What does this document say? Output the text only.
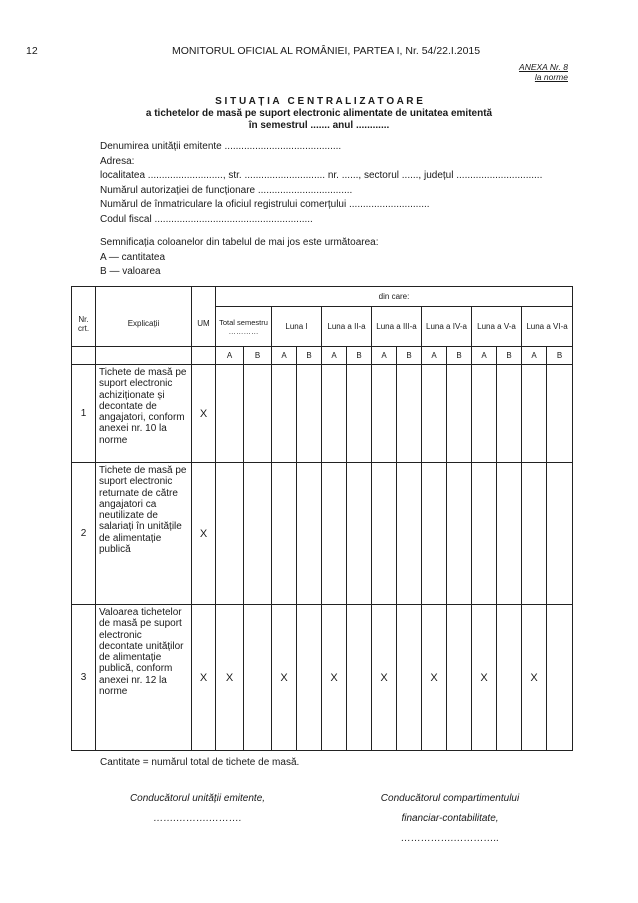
12	MONITORUL OFICIAL AL ROMÂNIEI, PARTEA I, Nr. 54/22.I.2015
ANEXA Nr. 8
la norme
S I T U A Ț I A   C E N T R A L I Z A T O A R E
a tichetelor de masă pe suport electronic alimentate de unitatea emitentă
în semestrul ....... anul ............
Denumirea unității emitente ..........................................
Adresa:
localitatea ..........................., str. ............................. nr. ......, sectorul ......, județul ...............................
Numărul autorizației de funcționare ..................................
Numărul de înmatriculare la oficiul registrului comerțului .............................
Codul fiscal .........................................................
Semnificația coloanelor din tabelul de mai jos este următoarea:
A — cantitatea
B — valoarea
Nr. crt.	Explicații	UM	din care:													
			Total semestru …………		Luna I		Luna a II-a		Luna a III-a		Luna a IV-a		Luna a V-a		Luna a VI-a	
			A	B	A	B	A	B	A	B	A	B	A	B	A	B
1	Tichete de masă pe suport electronic achiziționate și decontate de angajatori, conform anexei nr. 10 la norme	X														
2	Tichete de masă pe suport electronic returnate de către angajatori ca neutilizate de salariați în unitățile de alimentație publică	X														
3	Valoarea tichetelor de masă pe suport electronic decontate unităților de alimentație publică, conform anexei nr. 12 la norme	X	X		X		X		X		X		X		X	
Cantitate = numărul total de tichete de masă.
Conducătorul unității emitente,
…….……….……….
Conducătorul compartimentului
financiar-contabilitate,
…………….…………..
